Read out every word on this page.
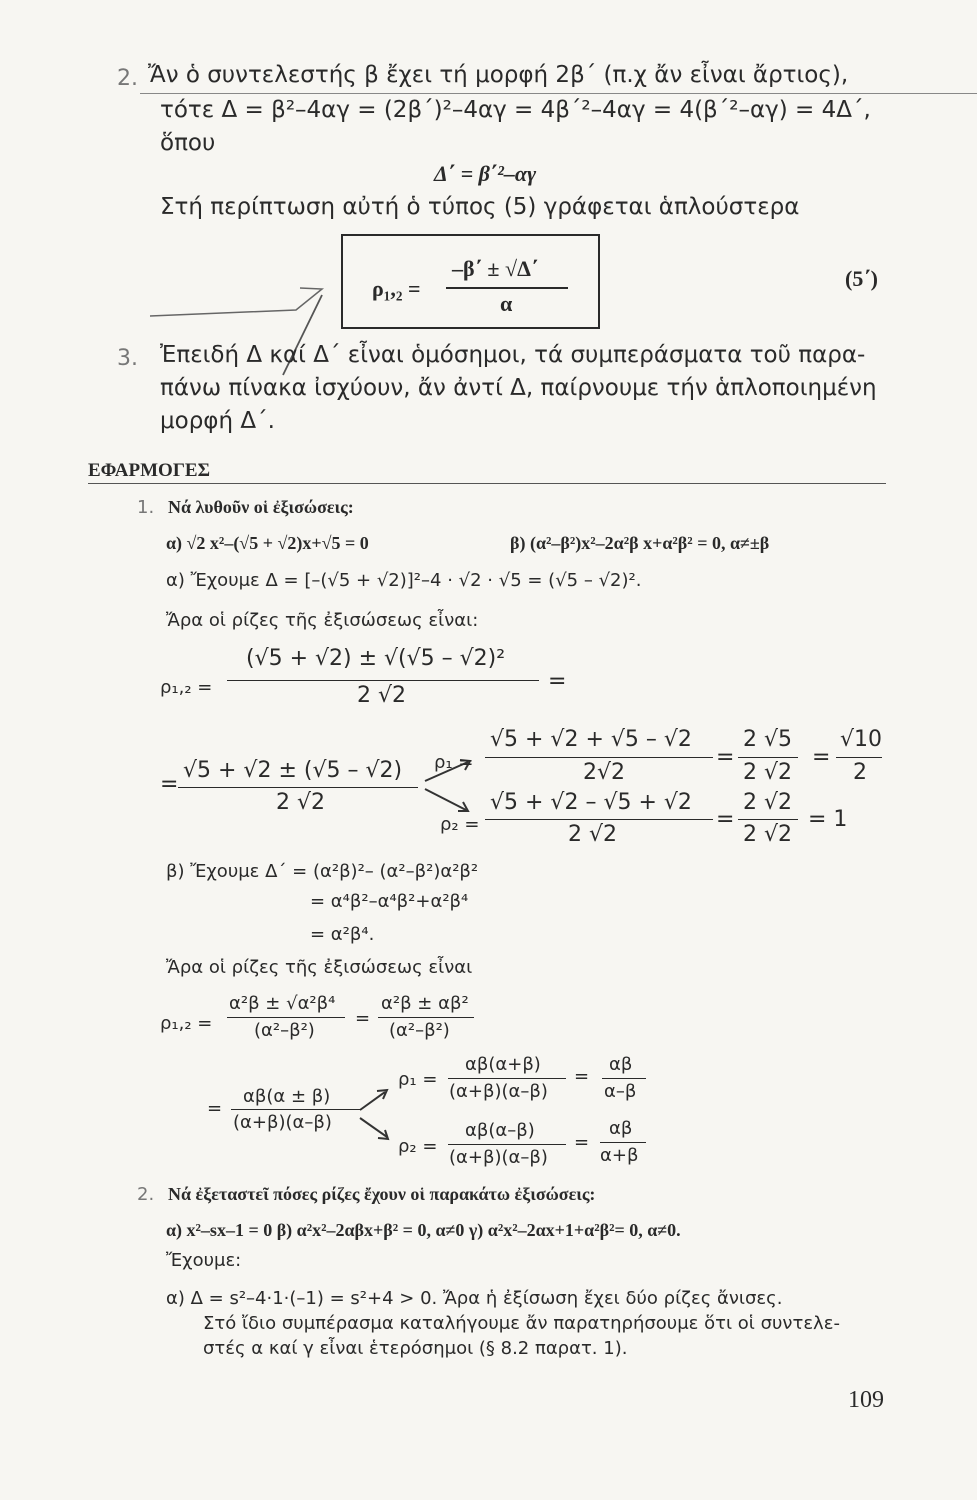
2. Ἄν ὁ συντελεστής β ἔχει τή μορφή 2β΄ (π.χ ἄν εἶναι ἄρτιος),
τότε Δ = β²–4αγ = (2β΄)²–4αγ = 4β΄²–4αγ = 4(β΄²–αγ) = 4Δ΄,
ὅπου
Δ΄ = β΄²–αγ
Στή περίπτωση αὐτή ὁ τύπος (5) γράφεται ἁπλούστερα
ρ₁,₂ =
–β΄ ± √Δ΄
α
(5΄)
3. Ἐπειδή Δ καί Δ΄ εἶναι ὁμόσημοι, τά συμπεράσματα τοῦ παρα-
πάνω πίνακα ἰσχύουν, ἄν ἀντί Δ, παίρνουμε τήν ἁπλοποιημένη
μορφή Δ΄.
ΕΦΑΡΜΟΓΕΣ
1. Νά λυθοῦν οἱ ἐξισώσεις:
α) √2 x²–(√5 + √2)x+√5 = 0	β) (α²–β²)x²–2α²β x+α²β² = 0, α≠±β
α) Ἔχουμε Δ = [–(√5 + √2)]²–4 · √2 · √5 = (√5 – √2)².
Ἄρα οἱ ρίζες τῆς ἐξισώσεως εἶναι:
ρ₁,₂ =
(√5 + √2) ± √(√5 – √2)²
2 √2
=
=
√5 + √2 ± (√5 – √2)
2 √2
ρ₁ =
√5 + √2 + √5 – √2
2√2
=
2 √5
2 √2
=
√10
2
ρ₂ =
√5 + √2 – √5 + √2
2 √2
=
2 √2
2 √2
= 1
β) Ἔχουμε Δ΄ = (α²β)²– (α²–β²)α²β²
= α⁴β²–α⁴β²+α²β⁴
= α²β⁴.
Ἄρα οἱ ρίζες τῆς ἐξισώσεως εἶναι
ρ₁,₂ =
α²β ± √α²β⁴
(α²–β²)
=
α²β ± αβ²
(α²–β²)
=
αβ(α ± β)
(α+β)(α–β)
ρ₁ =
αβ(α+β)
(α+β)(α–β)
=
αβ
α–β
ρ₂ =
αβ(α–β)
(α+β)(α–β)
=
αβ
α+β
2. Νά ἐξεταστεῖ πόσες ρίζες ἔχουν οἱ παρακάτω ἐξισώσεις:
α) x²–sx–1 = 0 β) α²x²–2αβx+β² = 0, α≠0 γ) α²x²–2αx+1+α²β²= 0, α≠0.
Ἔχουμε:
α) Δ = s²–4·1·(–1) = s²+4 > 0. Ἄρα ἡ ἐξίσωση ἔχει δύο ρίζες ἄνισες.
Στό ἴδιο συμπέρασμα καταλήγουμε ἄν παρατηρήσουμε ὅτι οἱ συντελε-
στές α καί γ εἶναι ἑτερόσημοι (§ 8.2 παρατ. 1).
109
